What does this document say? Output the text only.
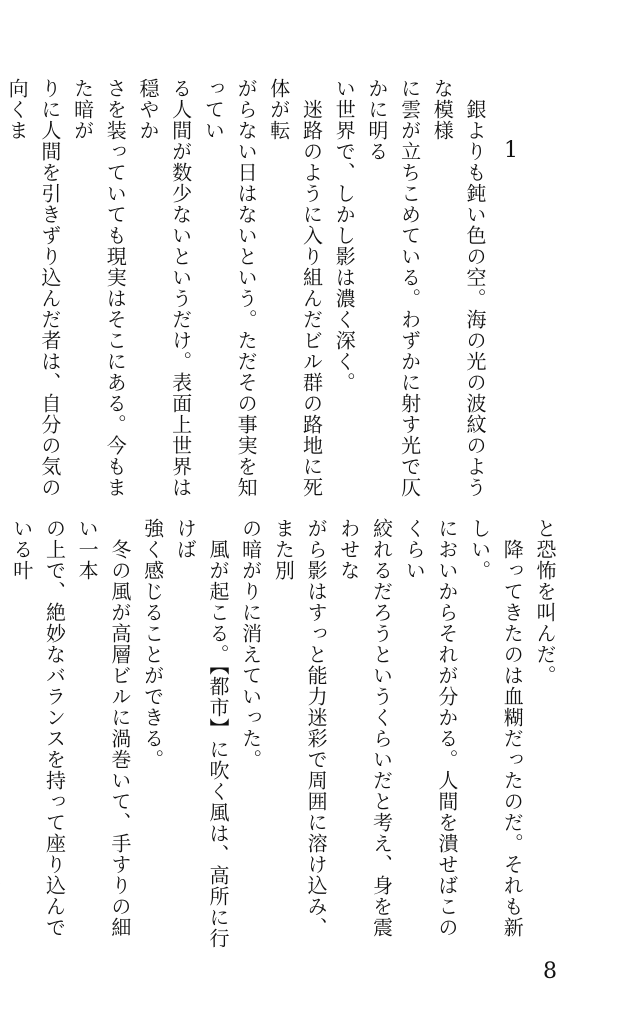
1
　銀よりも鈍い色の空。海の光の波紋のような模様
に雲が立ちこめている。わずかに射す光で仄かに明る
い世界で、しかし影は濃く深く。
　迷路のように入り組んだビル群の路地に死体が転
がらない日はないという。ただその事実を知ってい
る人間が数少ないというだけ。表面上世界は穏やか
さを装っていても現実はそこにある。今もまた暗が
りに人間を引きずり込んだ者は、自分の気の向くま

と恐怖を叫んだ。
　降ってきたのは血糊だったのだ。それも新しい。
においからそれが分かる。人間を潰せばこのくらい
絞れるだろうというくらいだと考え、身を震わせな
がら影はすっと能力迷彩で周囲に溶け込み、また別
の暗がりに消えていった。
　風が起こる。【都市】に吹く風は、高所に行けば
強く感じることができる。
　冬の風が高層ビルに渦巻いて、手すりの細い一本
の上で、絶妙なバランスを持って座り込んでいる叶

8
